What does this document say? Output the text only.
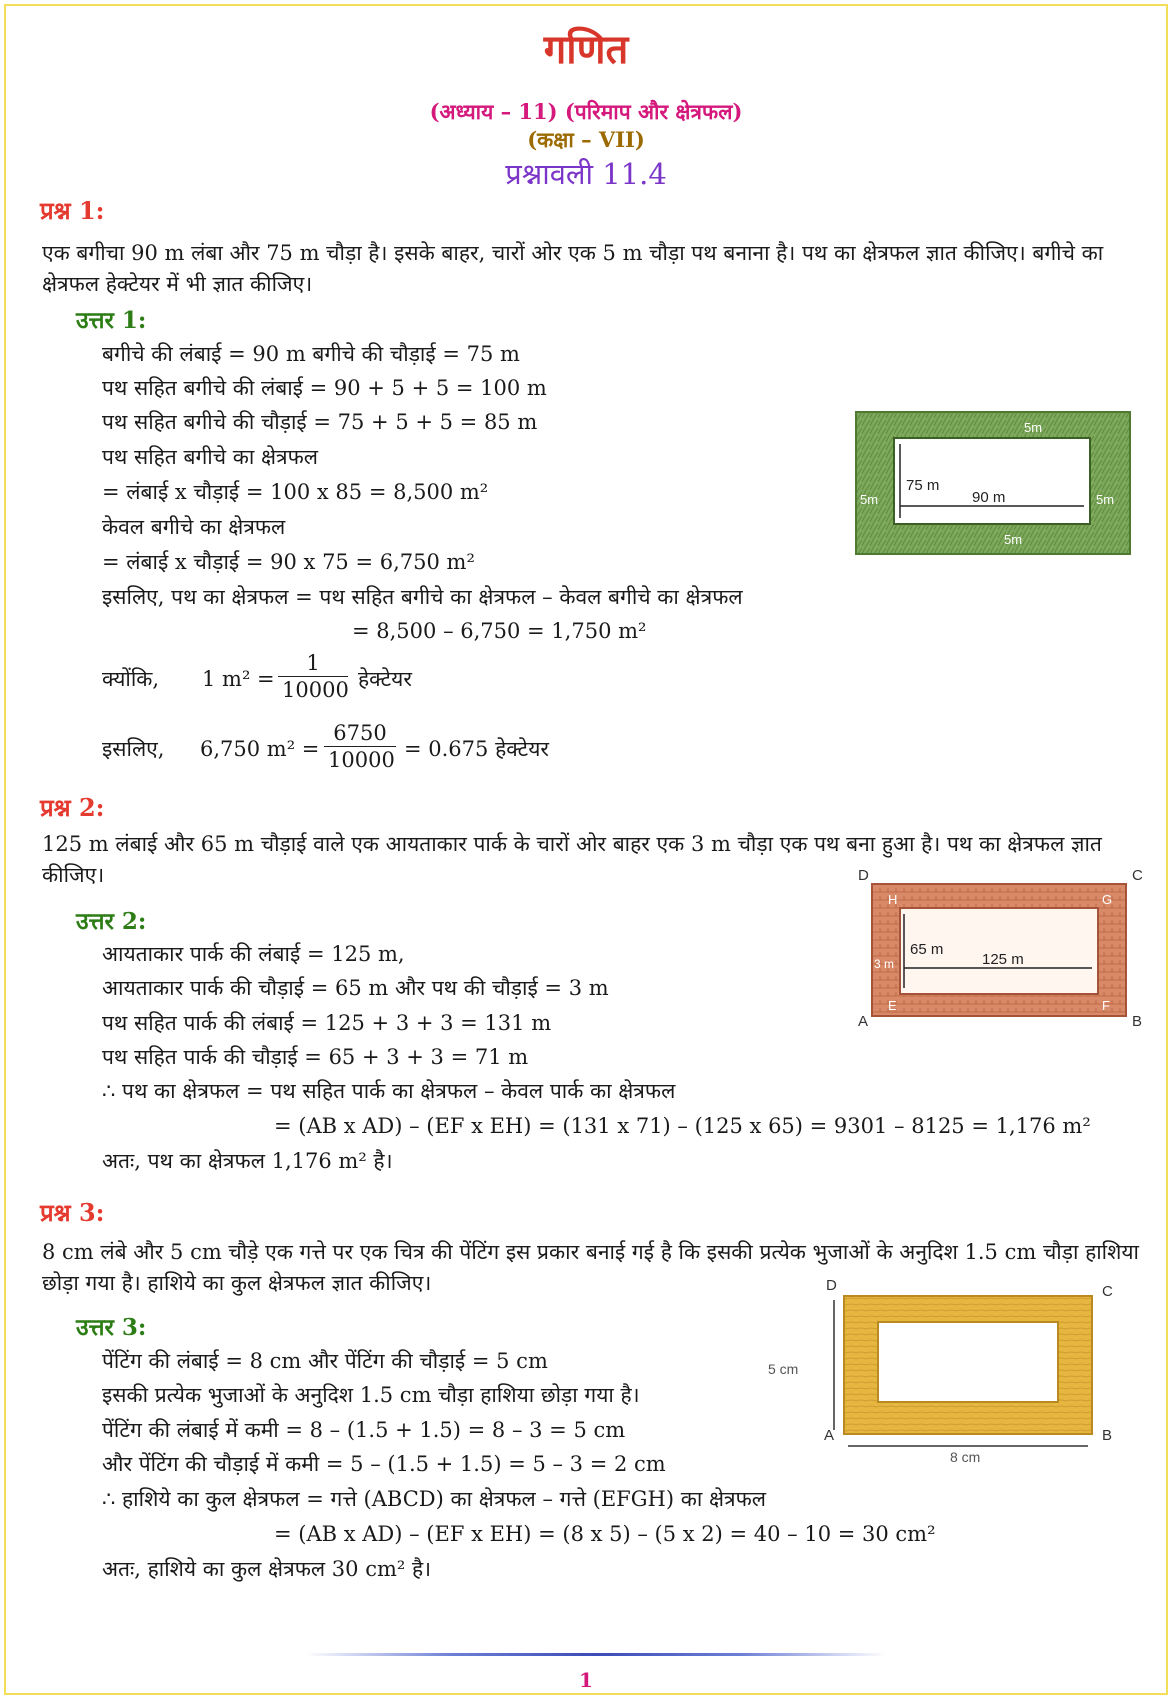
गणित
(अध्याय – 11) (परिमाप और क्षेत्रफल)
(कक्षा – VII)
प्रश्नावली 11.4
प्रश्न 1:
एक बगीचा 90 m लंबा और 75 m चौड़ा है। इसके बाहर, चारों ओर एक 5 m चौड़ा पथ बनाना है। पथ का क्षेत्रफल ज्ञात कीजिए। बगीचे का क्षेत्रफल हेक्टेयर में भी ज्ञात कीजिए।
उत्तर 1:
बगीचे की लंबाई = 90 m बगीचे की चौड़ाई = 75 m
पथ सहित बगीचे की लंबाई = 90 + 5 + 5 = 100 m
पथ सहित बगीचे की चौड़ाई = 75 + 5 + 5 = 85 m
पथ सहित बगीचे का क्षेत्रफल
= लंबाई x चौड़ाई = 100 x 85 = 8,500 m²
केवल बगीचे का क्षेत्रफल
= लंबाई x चौड़ाई = 90 x 75 = 6,750 m²
इसलिए, पथ का क्षेत्रफल = पथ सहित बगीचे का क्षेत्रफल – केवल बगीचे का क्षेत्रफल
= 8,500 – 6,750 = 1,750 m²
क्योंकि, 1 $m^2 = \frac{1}{10000}$ हेक्टेयर
इसलिए, 6,750 $m^2 = \frac{6750}{10000} = 0.675$ हेक्टेयर
75 m
90 m
5m
5m	5m
5m
प्रश्न 2:
125 m लंबाई और 65 m चौड़ाई वाले एक आयताकार पार्क के चारों ओर बाहर एक 3 m चौड़ा एक पथ बना हुआ है। पथ का क्षेत्रफल ज्ञात कीजिए।
उत्तर 2:
आयताकार पार्क की लंबाई = 125 m,
आयताकार पार्क की चौड़ाई = 65 m और पथ की चौड़ाई = 3 m
पथ सहित पार्क की लंबाई = 125 + 3 + 3 = 131 m
पथ सहित पार्क की चौड़ाई = 65 + 3 + 3 = 71 m
∴ पथ का क्षेत्रफल = पथ सहित पार्क का क्षेत्रफल – केवल पार्क का क्षेत्रफल
= (AB x AD) – (EF x EH) = (131 x 71) – (125 x 65) = 9301 – 8125 = 1,176 m²
अतः, पथ का क्षेत्रफल 1,176 m² है।
D	C
A	B
H	G
E	F
65 m
125 m
3 m
प्रश्न 3:
8 cm लंबे और 5 cm चौड़े एक गत्ते पर एक चित्र की पेंटिंग इस प्रकार बनाई गई है कि इसकी प्रत्येक भुजाओं के अनुदिश 1.5 cm चौड़ा हाशिया छोड़ा गया है। हाशिये का कुल क्षेत्रफल ज्ञात कीजिए।
उत्तर 3:
पेंटिंग की लंबाई = 8 cm और पेंटिंग की चौड़ाई = 5 cm
इसकी प्रत्येक भुजाओं के अनुदिश 1.5 cm चौड़ा हाशिया छोड़ा गया है।
पेंटिंग की लंबाई में कमी = 8 – (1.5 + 1.5) = 8 – 3 = 5 cm
और पेंटिंग की चौड़ाई में कमी = 5 – (1.5 + 1.5) = 5 – 3 = 2 cm
∴ हाशिये का कुल क्षेत्रफल = गत्ते (ABCD) का क्षेत्रफल – गत्ते (EFGH) का क्षेत्रफल
= (AB x AD) – (EF x EH) = (8 x 5) – (5 x 2) = 40 – 10 = 30 cm²
अतः, हाशिये का कुल क्षेत्रफल 30 cm² है।
D	C
A	B
H	G
E	F
5 cm
8 cm
1
